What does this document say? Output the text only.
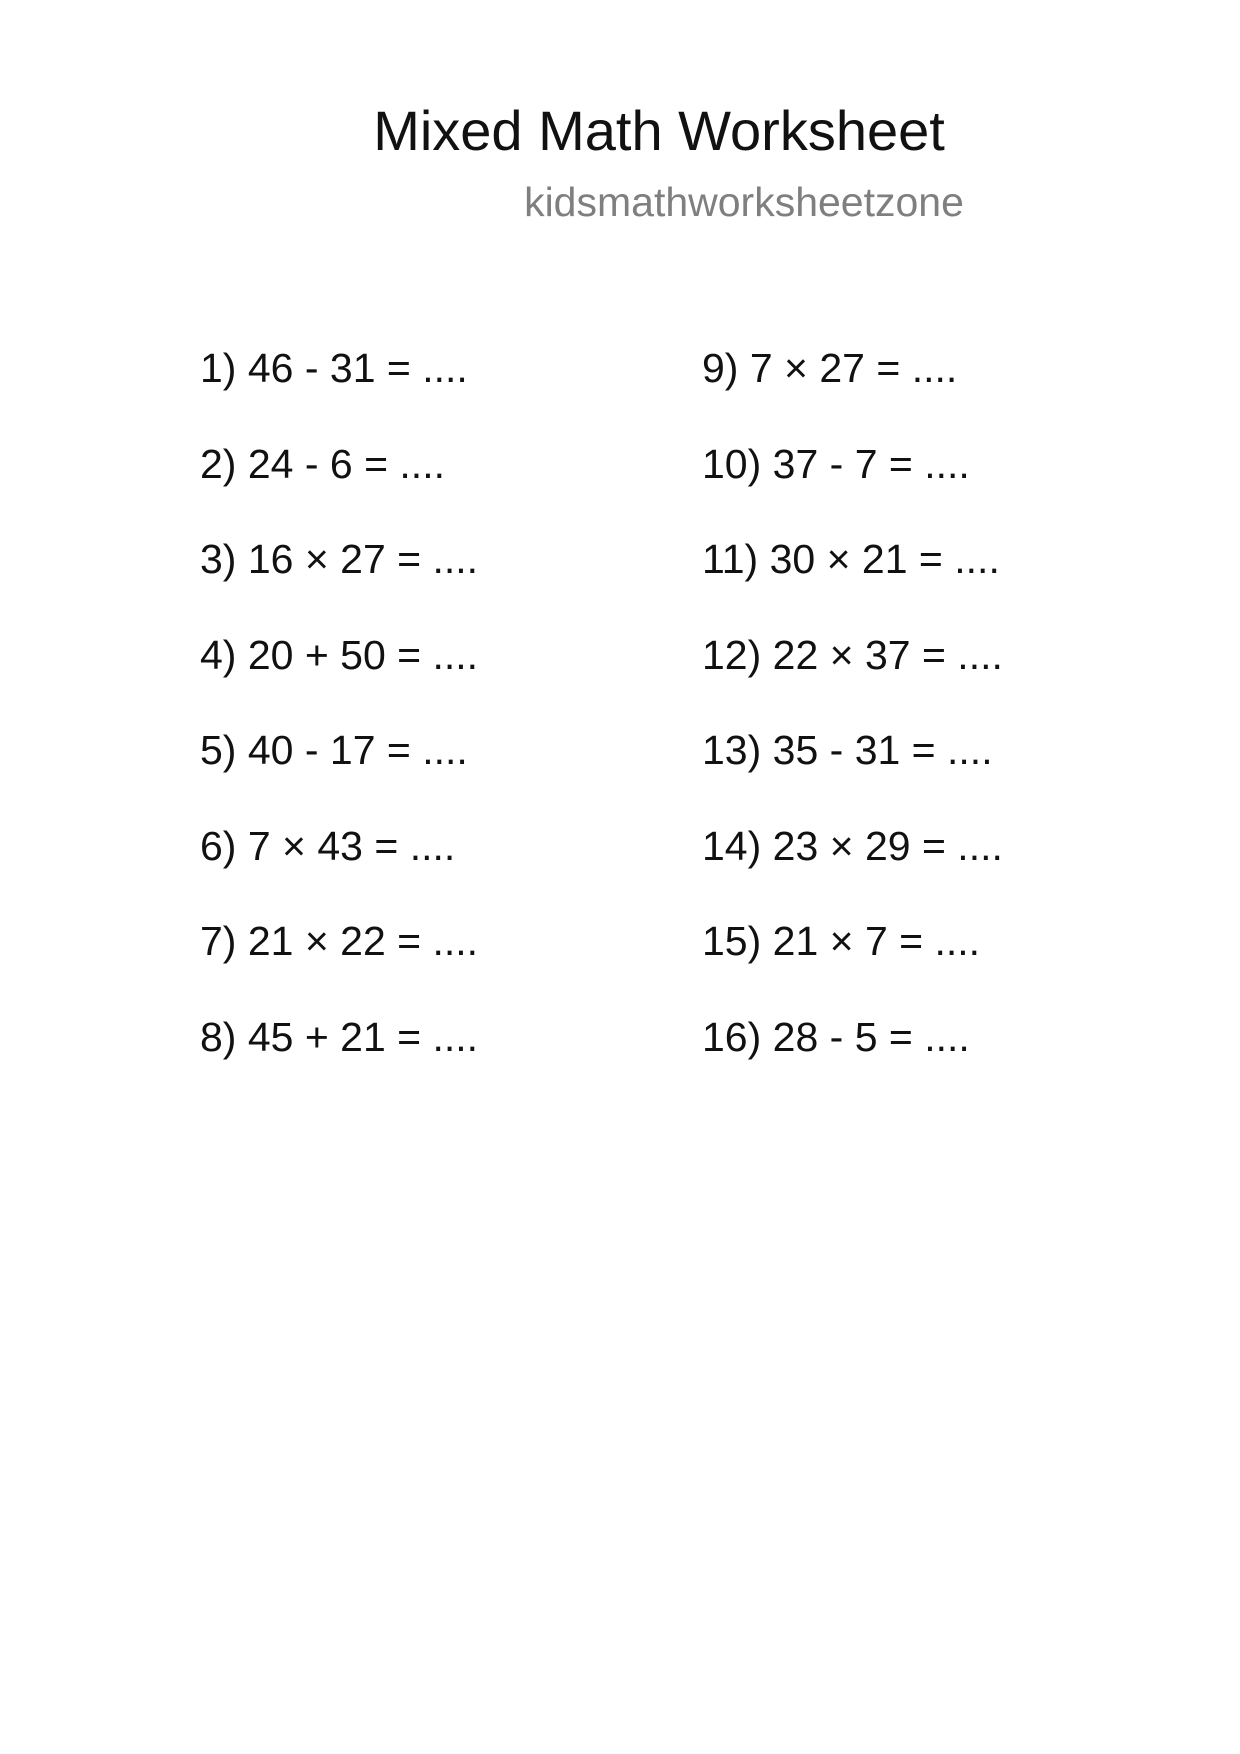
Mixed Math Worksheet
kidsmathworksheetzone
1) 46 - 31 = ....
2) 24 - 6 = ....
3) 16 × 27 = ....
4) 20 + 50 = ....
5) 40 - 17 = ....
6) 7 × 43 = ....
7) 21 × 22 = ....
8) 45 + 21 = ....
9) 7 × 27 = ....
10) 37 - 7 = ....
11) 30 × 21 = ....
12) 22 × 37 = ....
13) 35 - 31 = ....
14) 23 × 29 = ....
15) 21 × 7 = ....
16) 28 - 5 = ....
